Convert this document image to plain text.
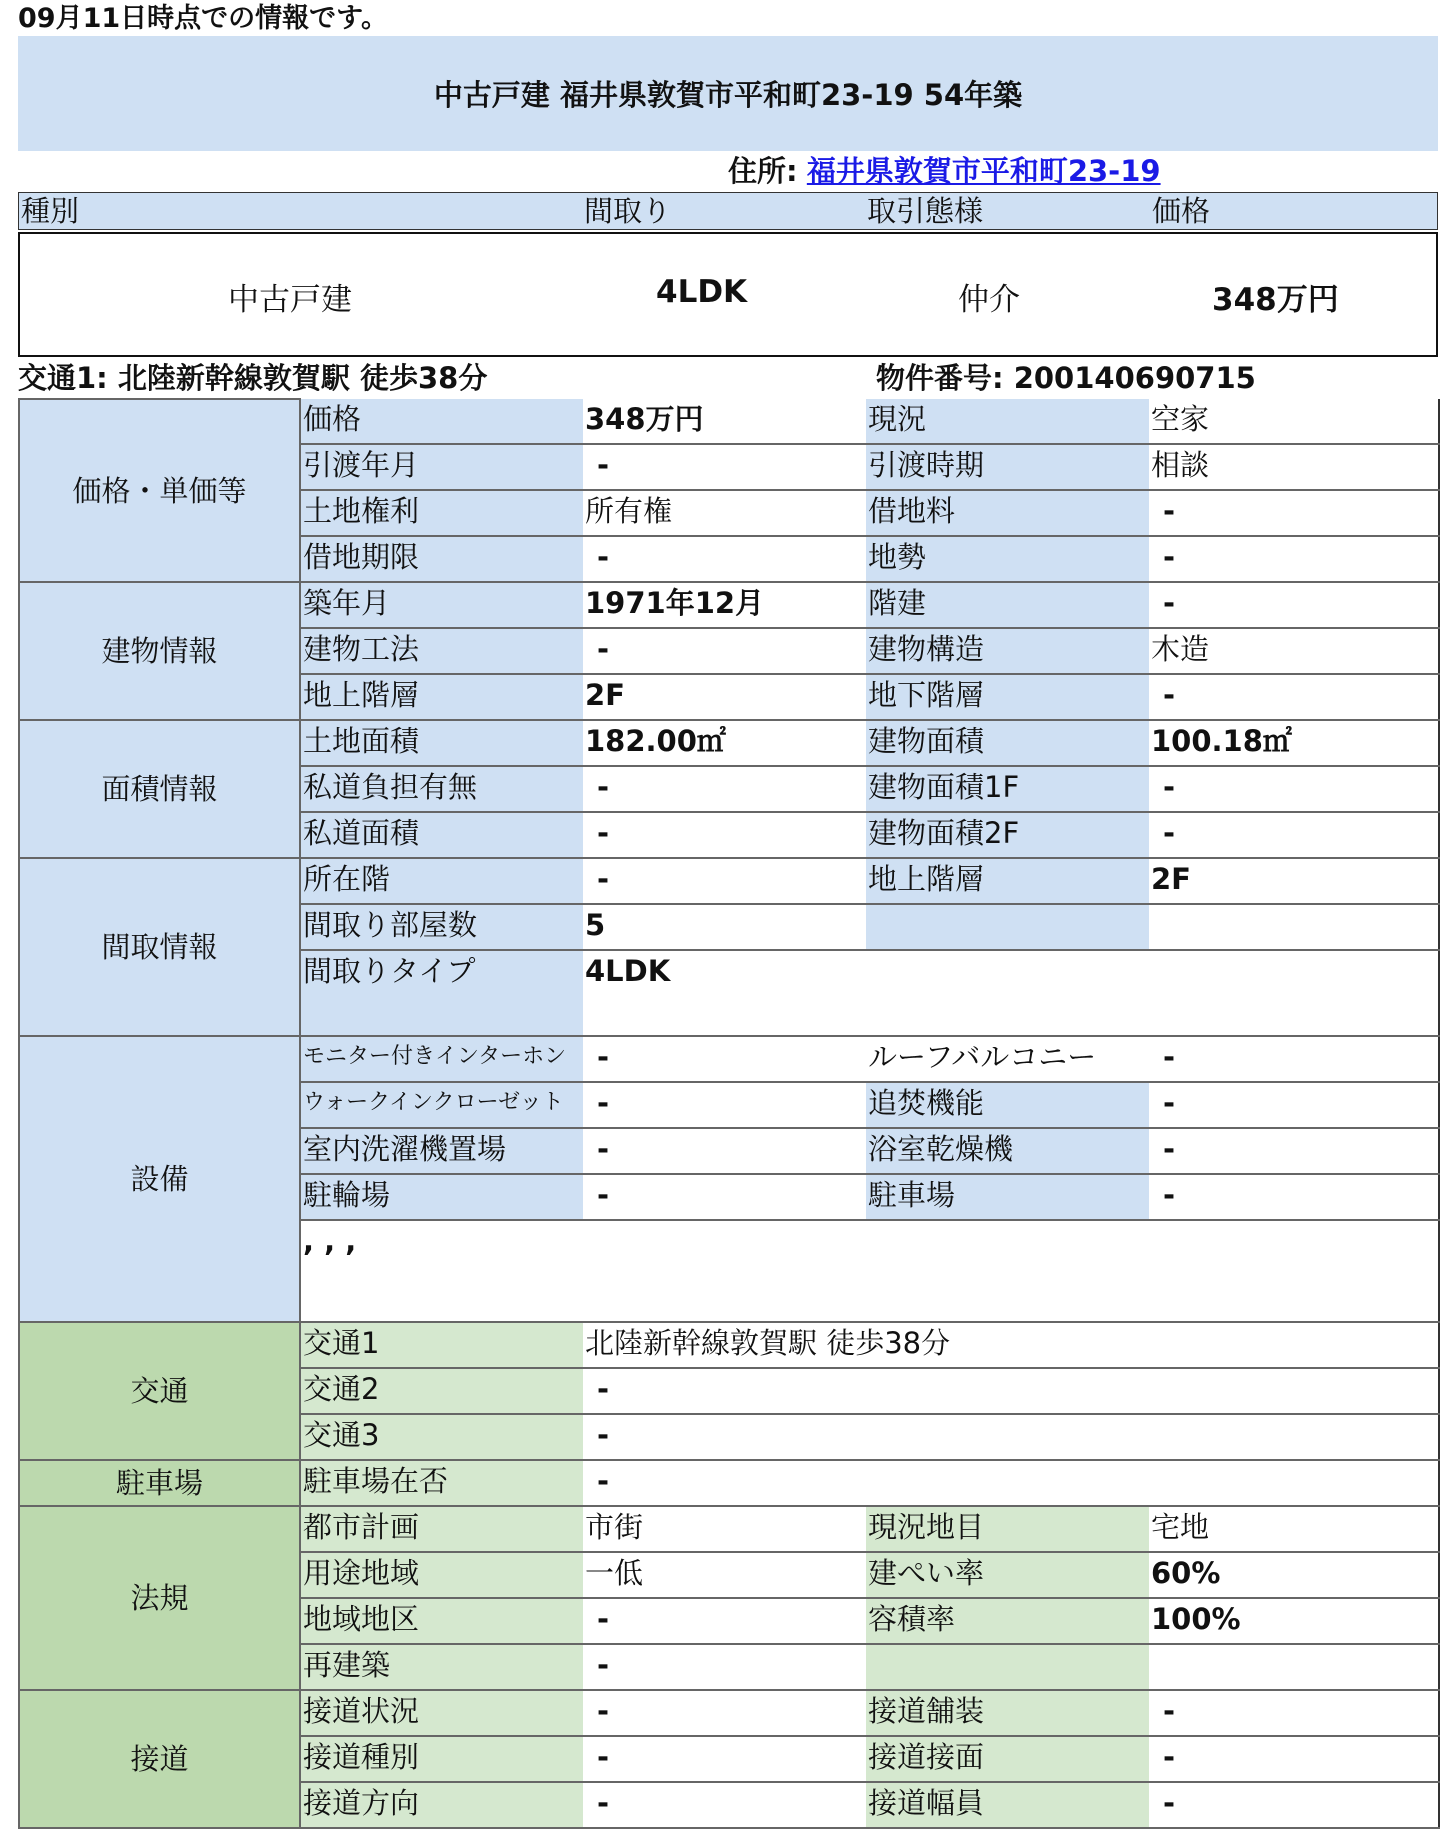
09月11日時点での情報です。
中古戸建 福井県敦賀市平和町23-19 54年築
住所: 福井県敦賀市平和町23-19
種別	間取り	取引態様	価格
中古戸建	4LDK	仲介	348万円
交通1: 北陸新幹線敦賀駅 徒歩38分	物件番号: 200140690715
価格・単価等	価格	348万円	現況	空家
	引渡年月	-	引渡時期	相談
	土地権利	所有権	借地料	-
	借地期限	-	地勢	-
建物情報	築年月	1971年12月	階建	-
	建物工法	-	建物構造	木造
	地上階層	2F	地下階層	-
面積情報	土地面積	182.00㎡	建物面積	100.18㎡
	私道負担有無	-	建物面積1F	-
	私道面積	-	建物面積2F	-
間取情報	所在階	-	地上階層	2F
	間取り部屋数	5		
	間取りタイプ	4LDK		
設備	モニター付きインターホン	-	ルーフバルコニー	-
	ウォークインクローゼット	-	追焚機能	-
	室内洗濯機置場	-	浴室乾燥機	-
	駐輪場	-	駐車場	-
	, , ,			
交通	交通1	北陸新幹線敦賀駅 徒歩38分		
	交通2	-		
	交通3	-		
駐車場	駐車場在否	-		
法規	都市計画	市街	現況地目	宅地
	用途地域	一低	建ぺい率	60%
	地域地区	-	容積率	100%
	再建築	-		
接道	接道状況	-	接道舗装	-
	接道種別	-	接道接面	-
	接道方向	-	接道幅員	-
